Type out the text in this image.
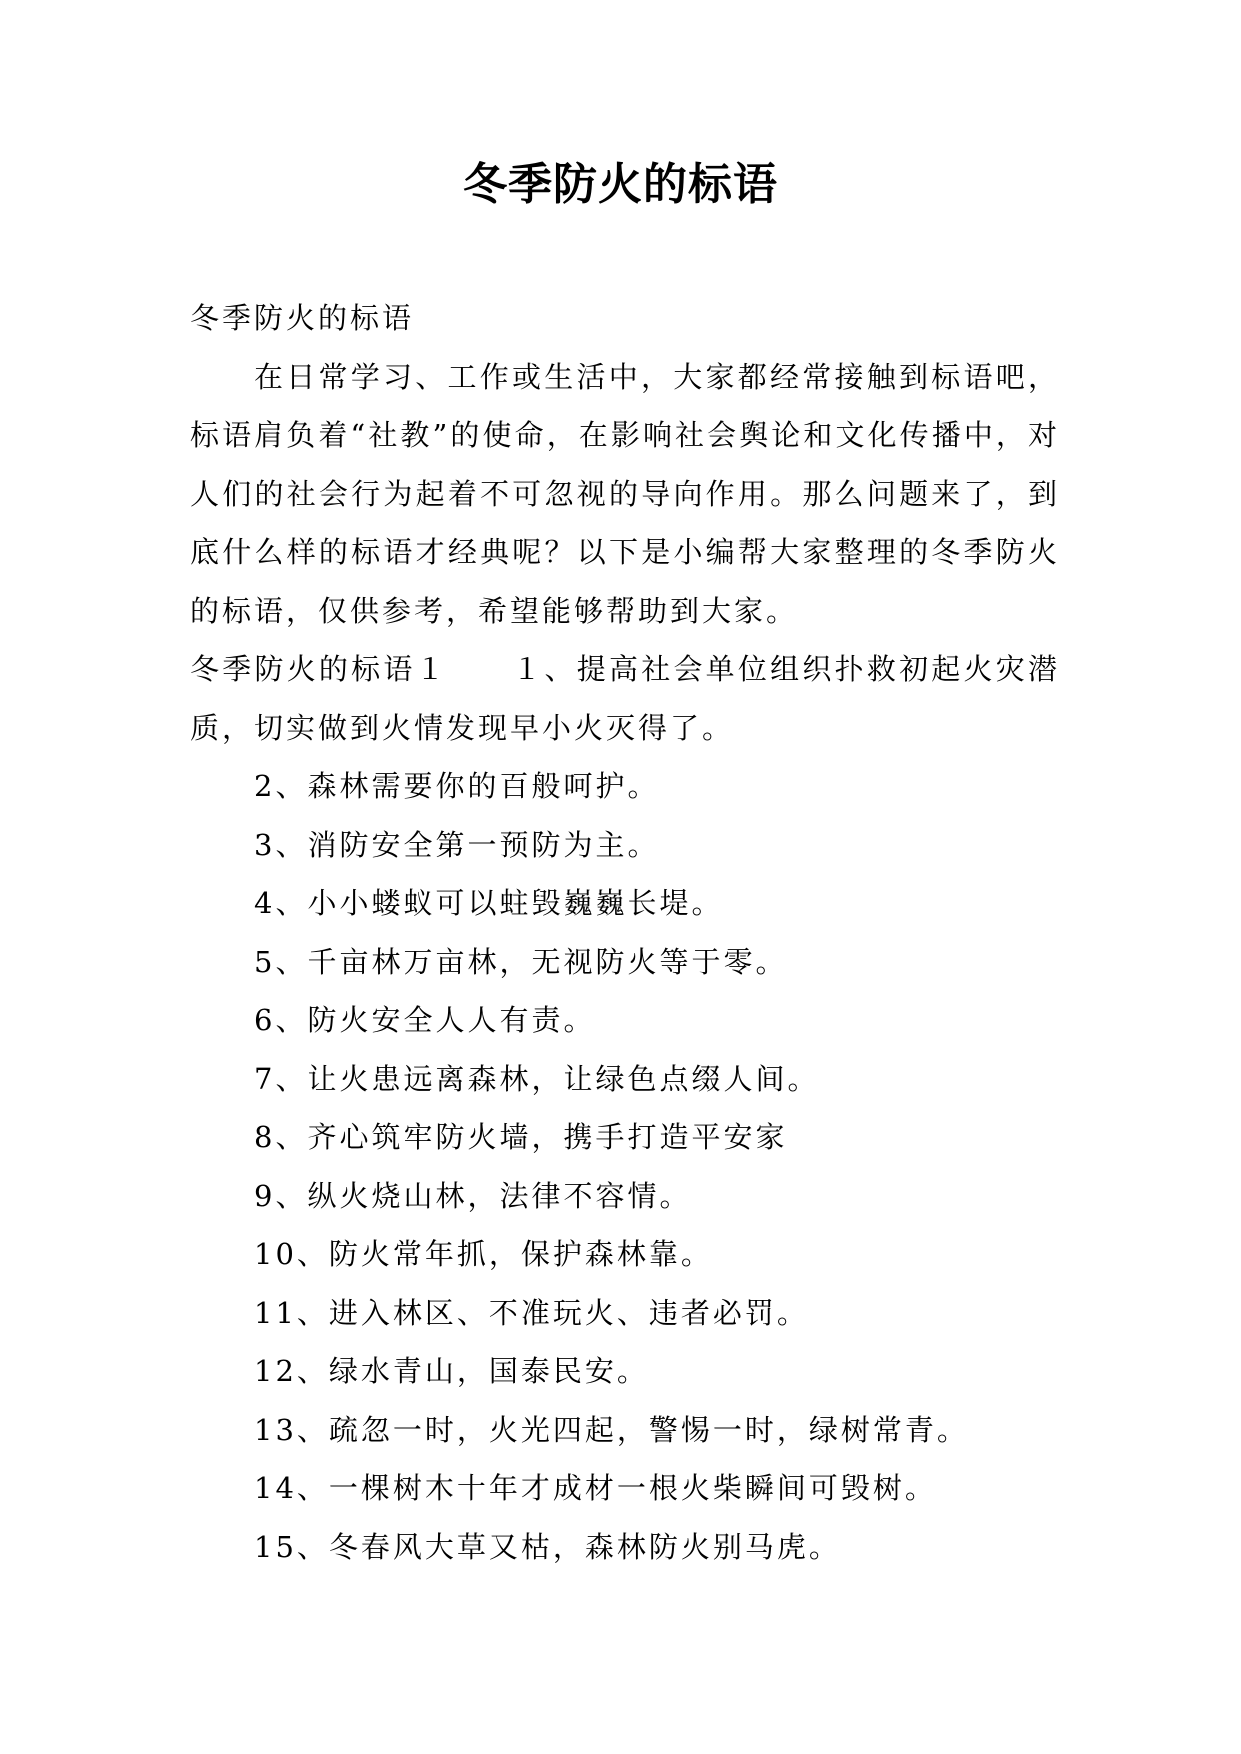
冬季防火的标语

冬季防火的标语

在日常学习、工作或生活中，大家都经常接触到标语吧，标语肩负着“社教”的使命，在影响社会舆论和文化传播中，对人们的社会行为起着不可忽视的导向作用。那么问题来了，到底什么样的标语才经典呢？以下是小编帮大家整理的冬季防火的标语，仅供参考，希望能够帮助到大家。

冬季防火的标语１　　１、提高社会单位组织扑救初起火灾潜质，切实做到火情发现早小火灭得了。

2、森林需要你的百般呵护。

3、消防安全第一预防为主。

4、小小蝼蚁可以蛀毁巍巍长堤。

5、千亩林万亩林，无视防火等于零。

6、防火安全人人有责。

7、让火患远离森林，让绿色点缀人间。

8、齐心筑牢防火墙，携手打造平安家

9、纵火烧山林，法律不容情。

10、防火常年抓，保护森林靠。

11、进入林区、不准玩火、违者必罚。

12、绿水青山，国泰民安。

13、疏忽一时，火光四起，警惕一时，绿树常青。

14、一棵树木十年才成材一根火柴瞬间可毁树。

15、冬春风大草又枯，森林防火别马虎。
